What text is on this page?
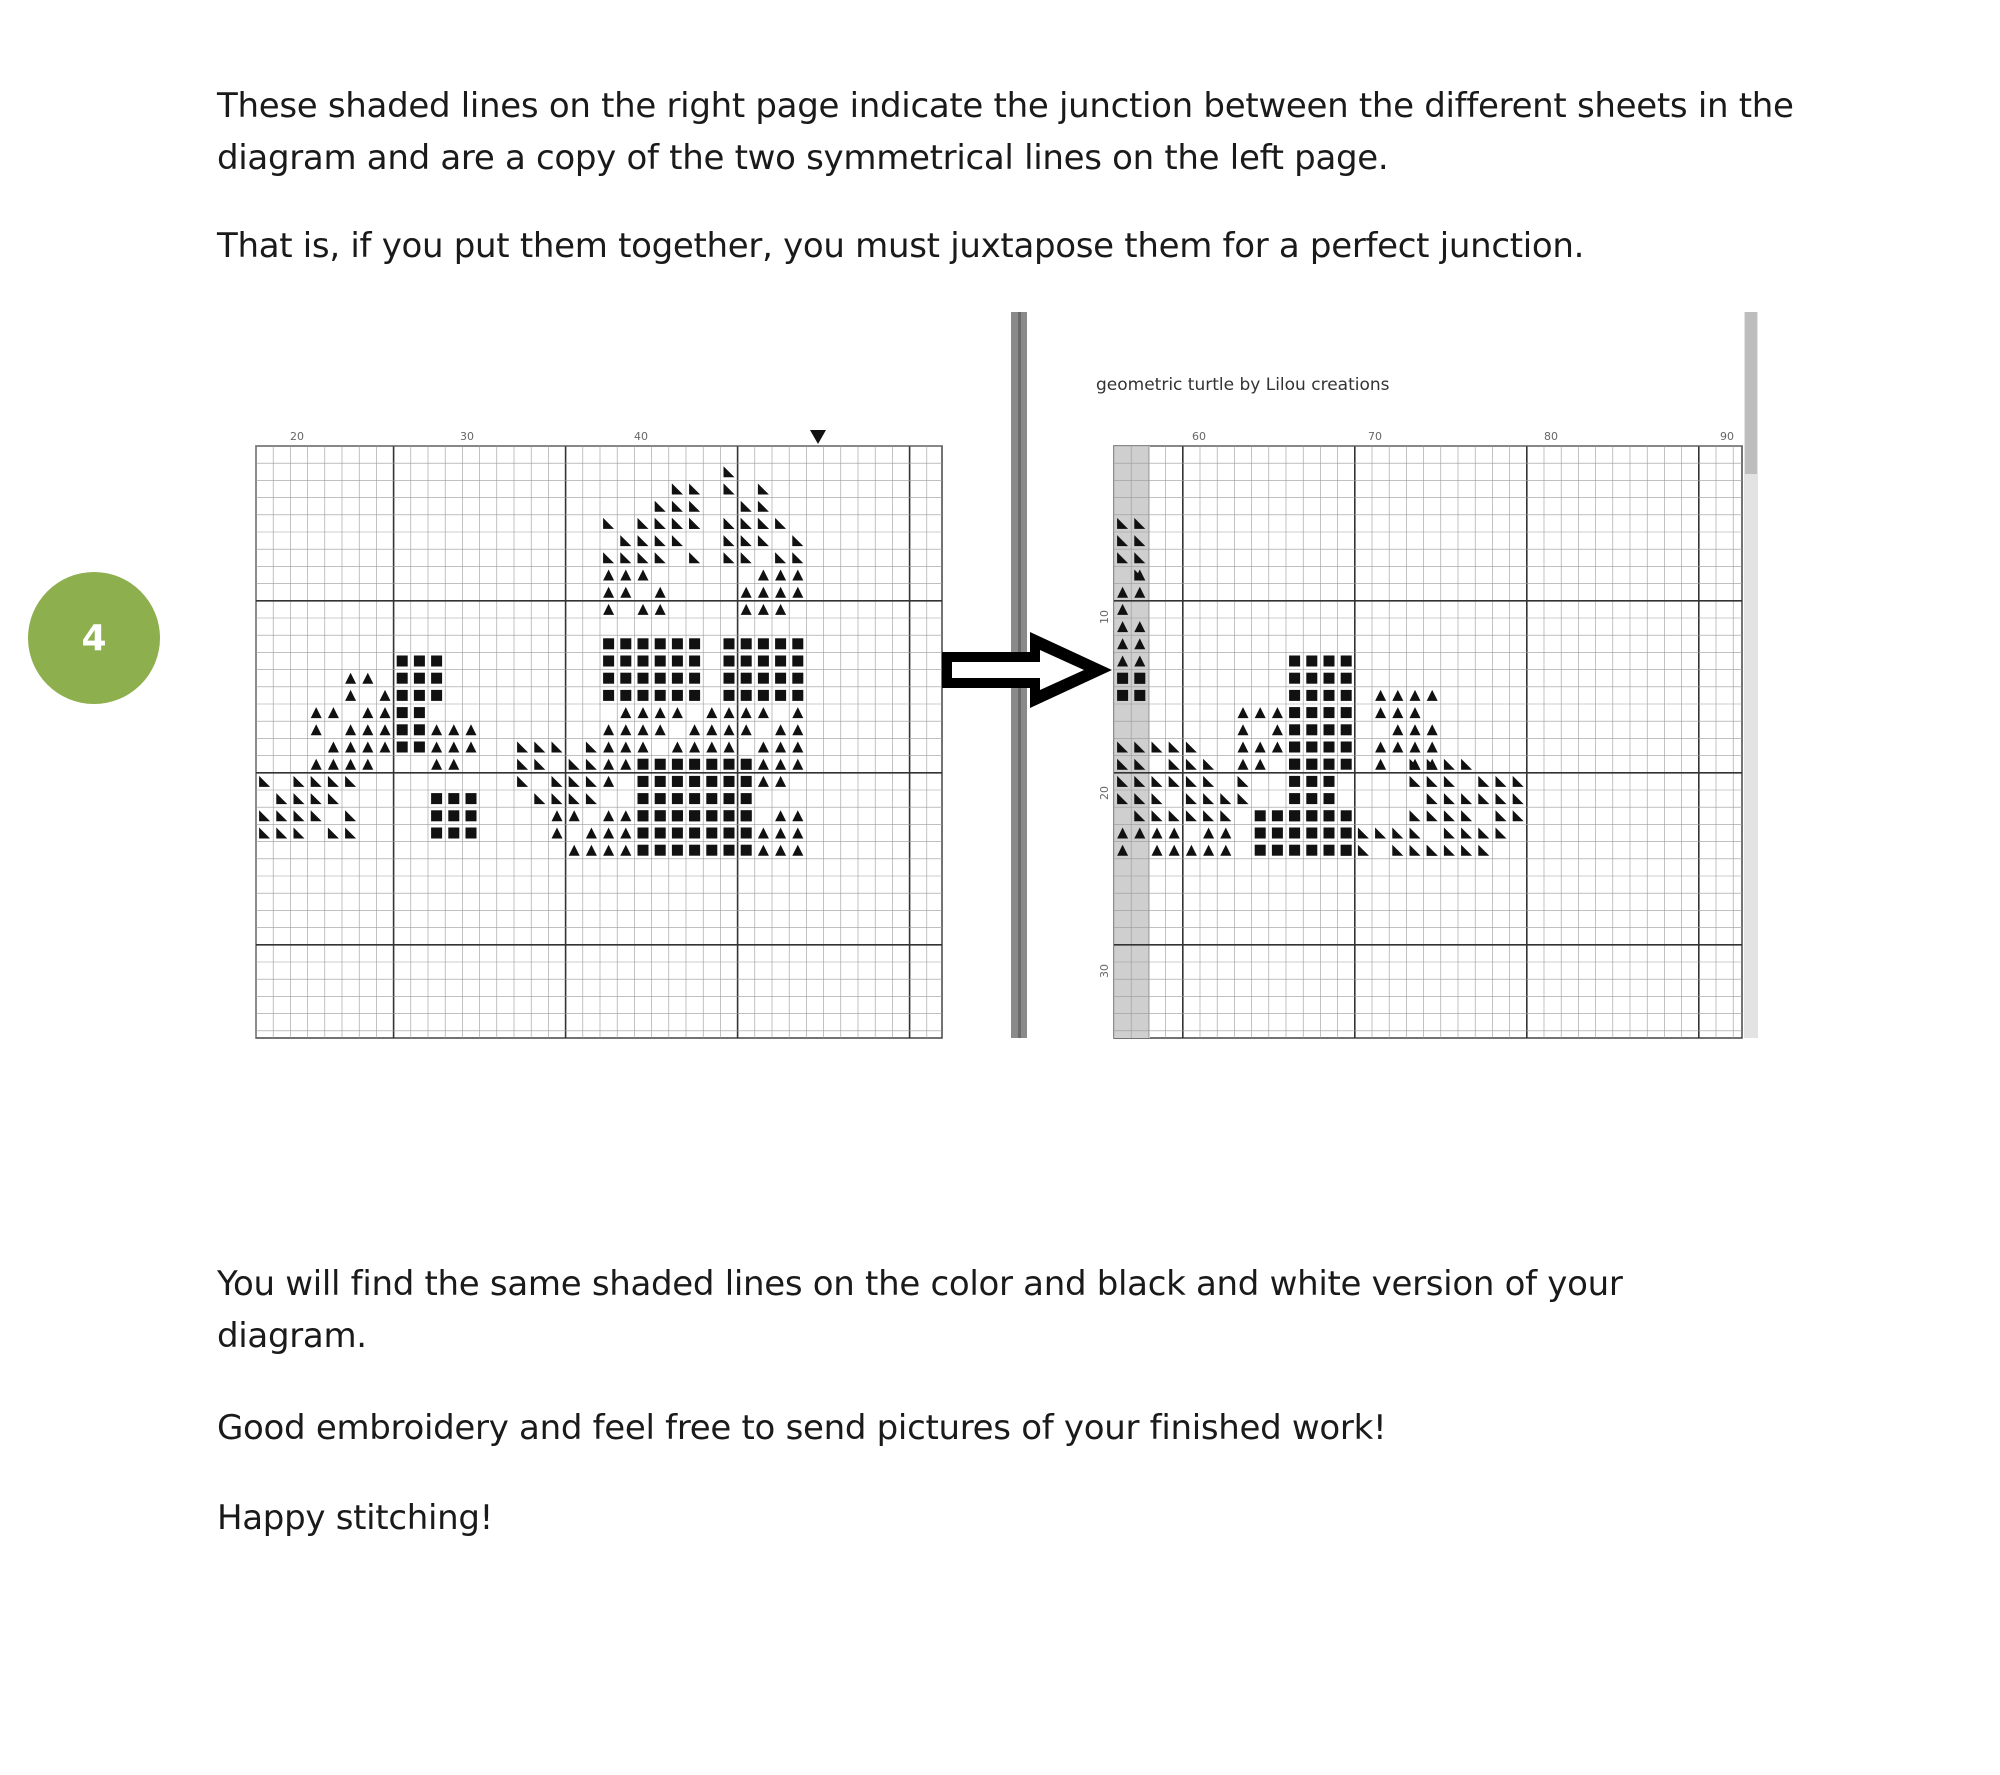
These shaded lines on the right page indicate the junction between the different sheets in the diagram and are a copy of the two symmetrical lines on the left page.

That is, if you put them together, you must juxtapose them for a perfect junction.

4
20	30	40
geometric turtle by Lilou creations
60	70	80	90
10
20
30

You will find the same shaded lines on the color and black and white version of your diagram.

Good embroidery and feel free to send pictures of your finished work!

Happy stitching!
